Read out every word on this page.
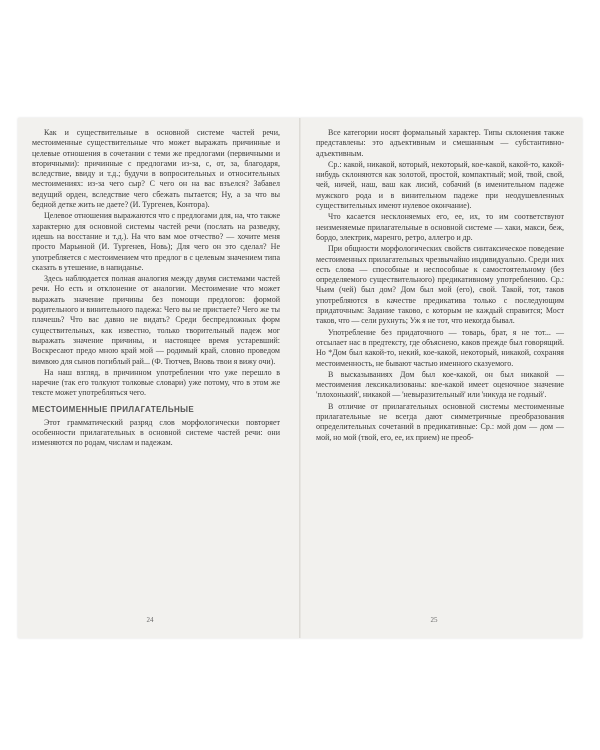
Как и существительные в основной системе частей речи, местоименные существительные что может выражать причинные и целевые отношения в сочетании с теми же предлогами (первичными и вторичными): причинные с предлогами из-за, с, от, за, благодаря, вследствие, ввиду и т.д.; будучи в вопросительных и относительных местоимениях: из-за чего сыр? С чего он на вас взъелся? Забавел ведущий орден, вследствие чего сбежать пытается; Ну, а за что вы бедной детке жить не даете? (И. Тургенев, Контора).

Целевое отношения выражаются что с предлогами для, на, что также характерно для основной системы частей речи (послать на разведку, идешь на восстание и т.д.). На что вам мое отчество? — хочите меня просто Марьиной (И. Тургенев, Новь); Для чего он это сделал? Не употребляется с местоимением что предлог в с целевым значением типа сказать в утешение, в напиданье.

Здесь наблюдается полная аналогия между двумя системами частей речи. Но есть и отклонение от аналогии. Местоимение что может выражать значение причины без помощи предлогов: формой родительного и винительного падежа: Чего вы не пристаете? Чего же ты плачешь? Что вас давно не видать? Среди беспредложных форм существительных, как известно, только творительный падеж мог выражать значение причины, и настоящее время устаревший: Воскресают предо мною край мой — родимый край, словно проведом вимвою для сынов погиблый рай... (Ф. Тютчев, Вновь твои я вижу очи).

На наш взгляд, в причинном употреблении что уже перешло в наречие (так его толкуют толковые словари) уже потому, что в этом же тексте может употребляться чего.

МЕСТОИМЕННЫЕ ПРИЛАГАТЕЛЬНЫЕ

Этот грамматический разряд слов морфологически повторяет особенности прилагательных в основной системе частей речи: они изменяются по родам, числам и падежам.

Все категории носят формальный характер. Типы склонения также представлены: это адъективным и смешанным — субстантивно-адъективным.

Ср.: какой, никакой, который, некоторый, кое-какой, какой-то, какой-нибудь склоняются как золотой, простой, компактный; мой, твой, свой, чей, ничей, наш, ваш как лисий, собачий (в именительном падеже мужского рода и в винительном падеже при неодушевленных существительных имеют нулевое окончание).

Что касается несклоняемых его, ее, их, то им соответствуют неизменяемые прилагательные в основной системе — хаки, макси, беж, бордо, электрик, маренго, ретро, аллегро и др.

При общности морфологических свойств синтаксическое поведение местоименных прилагательных чрезвычайно индивидуально. Среди них есть слова — способные и неспособные к самостоятельному (без определяемого существительного) предикативному употреблению. Ср.: Чьим (чей) был дом? Дом был мой (его), свой. Такой, тот, таков употребляются в качестве предикатива только с последующим придаточным: Задание таково, с которым не каждый справится; Мост таков, что — сели рухнуть; Уж я не тот, что некогда бывал.

Употребление без придаточного — товарь, брат, я не тот... — отсылает нас в предтексту, где объяснено, каков прежде был говорящий. Но *Дом был какой-то, некий, кое-какой, некоторый, никакой, сохраняя местоименность, не бывают частью именного сказуемого.

В высказываниях Дом был кое-какой, он был никакой — местоимения лексикализованы: кое-какой имеет оценочное значение 'плохонький', никакой — 'невыразительный' или 'никуда не годный'.

В отличие от прилагательных основной системы местоименные прилагательные не всегда дают симметричные преобразования определительных сочетаний в предикативные: Ср.: мой дом — дом — мой, но мой (твой, его, ее, их прием) не преоб-

24	25
